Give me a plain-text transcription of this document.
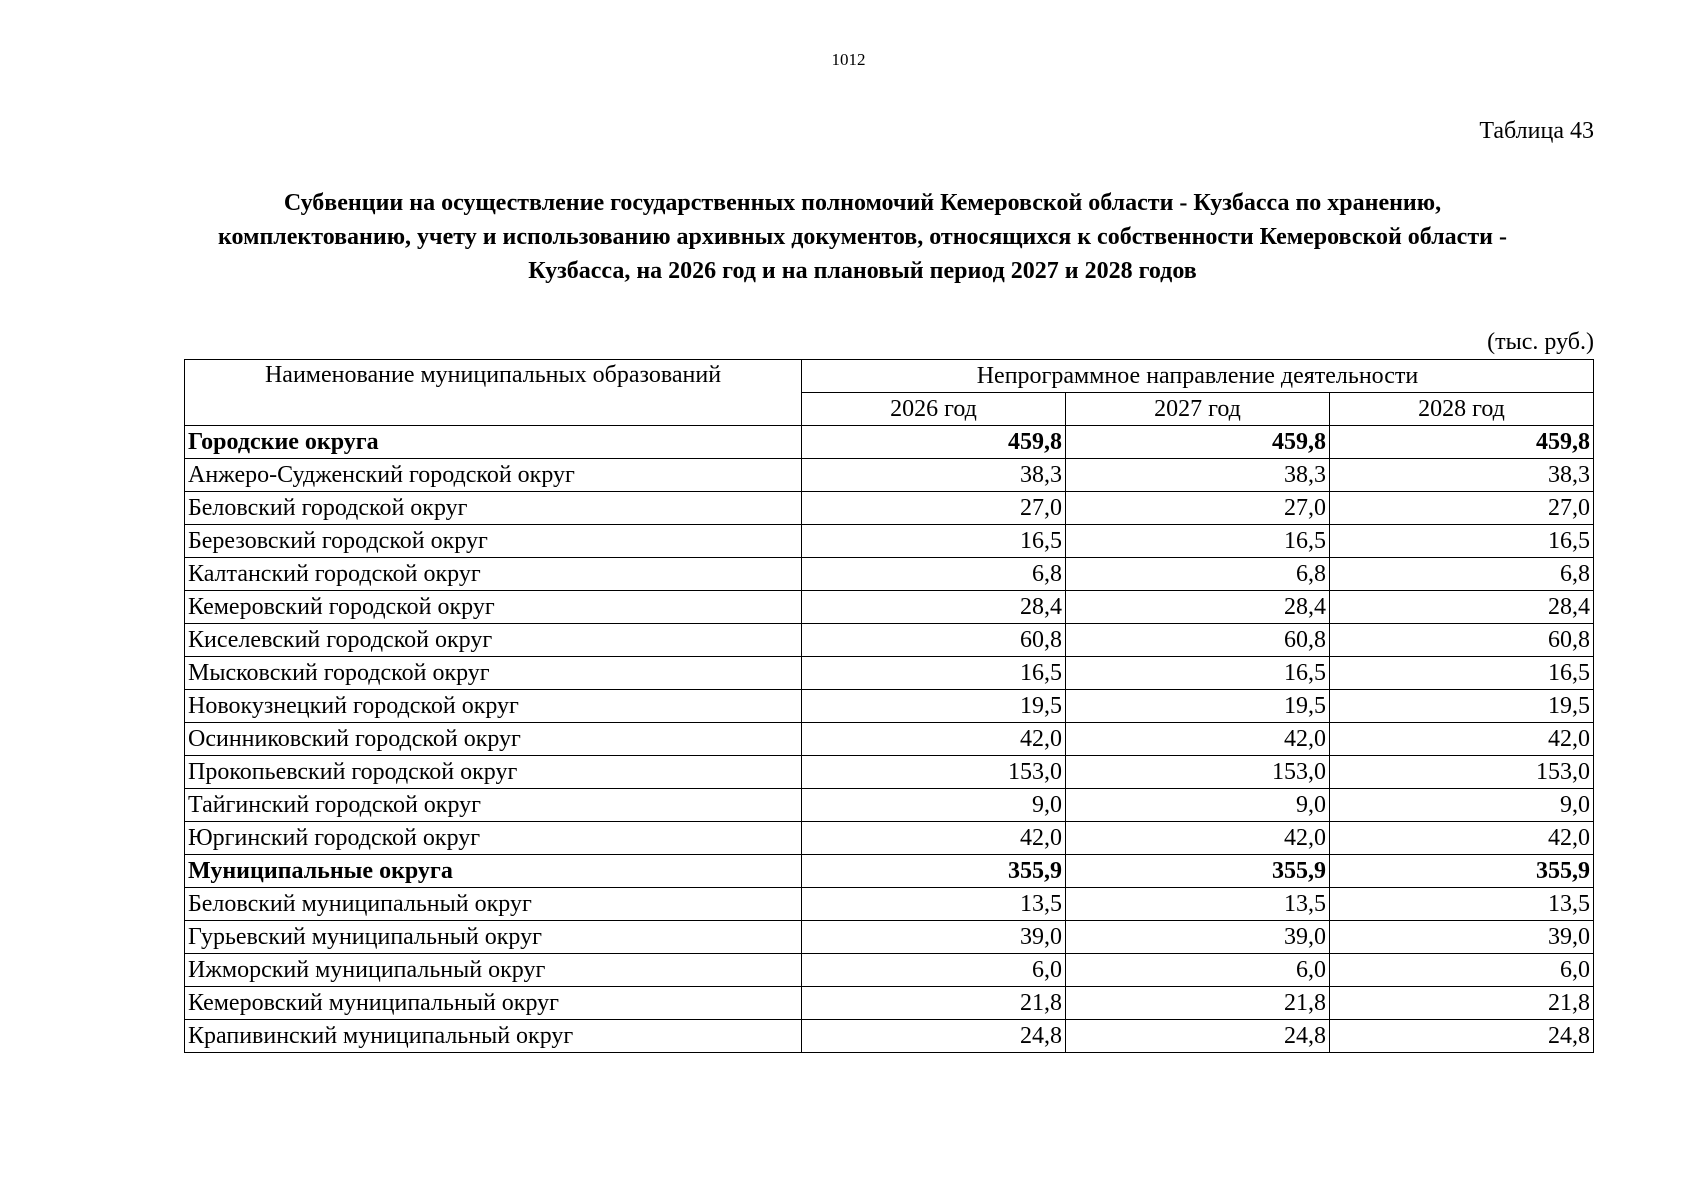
1012
Таблица 43
Субвенции на осуществление государственных полномочий Кемеровской области - Кузбасса по хранению, комплектованию, учету и использованию архивных документов, относящихся к собственности Кемеровской области - Кузбасса, на 2026 год и на плановый период 2027 и 2028 годов
(тыс. руб.)
Наименование муниципальных образований	Непрограммное направление деятельности		
	2026 год	2027 год	2028 год
Городские округа	459,8	459,8	459,8
Анжеро-Судженский городской округ	38,3	38,3	38,3
Беловский городской округ	27,0	27,0	27,0
Березовский городской округ	16,5	16,5	16,5
Калтанский городской округ	6,8	6,8	6,8
Кемеровский городской округ	28,4	28,4	28,4
Киселевский городской округ	60,8	60,8	60,8
Мысковский городской округ	16,5	16,5	16,5
Новокузнецкий городской округ	19,5	19,5	19,5
Осинниковский городской округ	42,0	42,0	42,0
Прокопьевский городской округ	153,0	153,0	153,0
Тайгинский городской округ	9,0	9,0	9,0
Юргинский городской округ	42,0	42,0	42,0
Муниципальные округа	355,9	355,9	355,9
Беловский муниципальный округ	13,5	13,5	13,5
Гурьевский муниципальный округ	39,0	39,0	39,0
Ижморский муниципальный округ	6,0	6,0	6,0
Кемеровский муниципальный округ	21,8	21,8	21,8
Крапивинский муниципальный округ	24,8	24,8	24,8
